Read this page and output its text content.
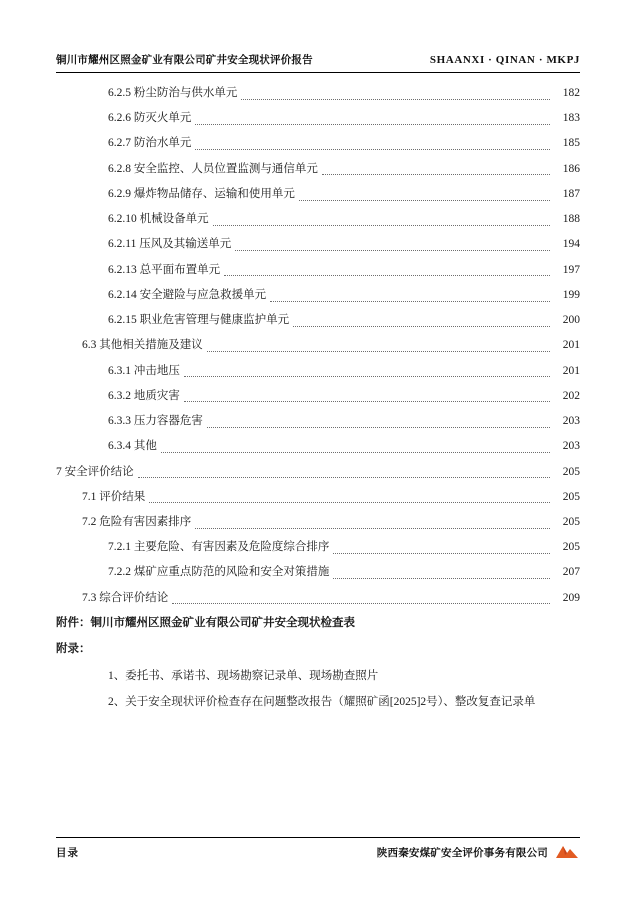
铜川市耀州区照金矿业有限公司矿井安全现状评价报告	SHAANXI · QINAN · MKPJ
6.2.5 粉尘防治与供水单元	182
6.2.6 防灭火单元	183
6.2.7 防治水单元	185
6.2.8 安全监控、人员位置监测与通信单元	186
6.2.9 爆炸物品储存、运输和使用单元	187
6.2.10 机械设备单元	188
6.2.11 压风及其输送单元	194
6.2.13 总平面布置单元	197
6.2.14 安全避险与应急救援单元	199
6.2.15 职业危害管理与健康监护单元	200
6.3 其他相关措施及建议	201
6.3.1 冲击地压	201
6.3.2 地质灾害	202
6.3.3 压力容器危害	203
6.3.4 其他	203
7 安全评价结论	205
7.1 评价结果	205
7.2 危险有害因素排序	205
7.2.1 主要危险、有害因素及危险度综合排序	205
7.2.2 煤矿应重点防范的风险和安全对策措施	207
7.3 综合评价结论	209
附件：铜川市耀州区照金矿业有限公司矿井安全现状检查表
附录：
1、委托书、承诺书、现场勘察记录单、现场勘查照片
2、关于安全现状评价检查存在问题整改报告（耀照矿函[2025]2号）、整改复查记录单
目录	陕西秦安煤矿安全评价事务有限公司
